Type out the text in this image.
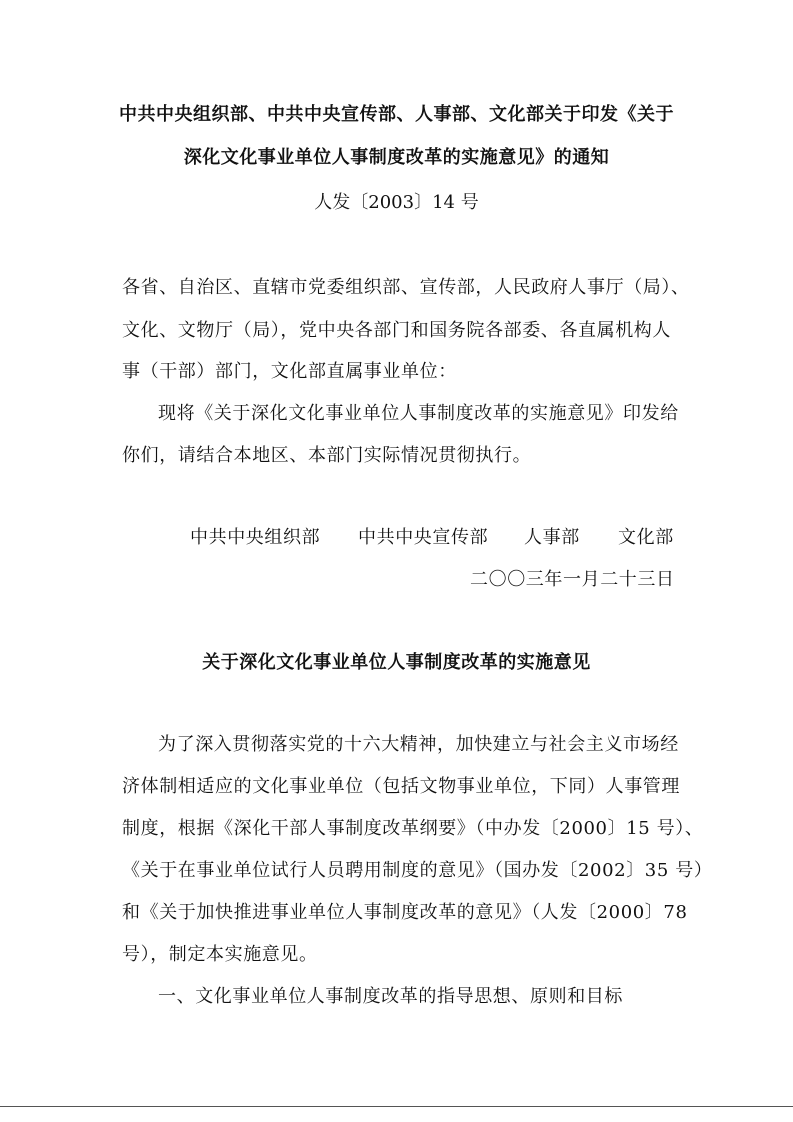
中共中央组织部、中共中央宣传部、人事部、文化部关于印发《关于
深化文化事业单位人事制度改革的实施意见》的通知
人发〔2003〕14 号
各省、自治区、直辖市党委组织部、宣传部，人民政府人事厅（局）、
文化、文物厅（局），党中央各部门和国务院各部委、各直属机构人
事（干部）部门，文化部直属事业单位：
现将《关于深化文化事业单位人事制度改革的实施意见》印发给
你们，请结合本地区、本部门实际情况贯彻执行。
中共中央组织部 中共中央宣传部 人事部 文化部
二〇〇三年一月二十三日
关于深化文化事业单位人事制度改革的实施意见
为了深入贯彻落实党的十六大精神，加快建立与社会主义市场经
济体制相适应的文化事业单位（包括文物事业单位，下同）人事管理
制度，根据《深化干部人事制度改革纲要》（中办发〔2000〕15 号）、
《关于在事业单位试行人员聘用制度的意见》（国办发〔2002〕35 号）
和《关于加快推进事业单位人事制度改革的意见》（人发〔2000〕78
号），制定本实施意见。
一、文化事业单位人事制度改革的指导思想、原则和目标
